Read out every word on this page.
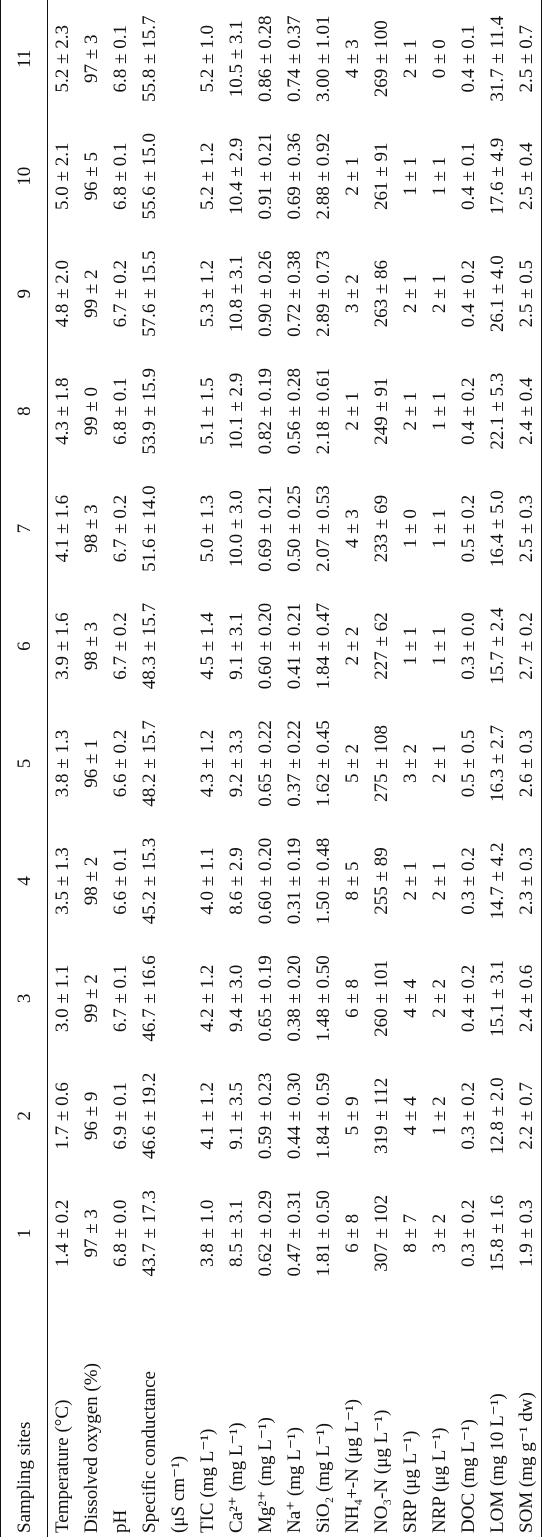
Sampling sites	1	2	3	4	5	6	7	8	9	10	11
Temperature (°C)	1.4 ± 0.2	1.7 ± 0.6	3.0 ± 1.1	3.5 ± 1.3	3.8 ± 1.3	3.9 ± 1.6	4.1 ± 1.6	4.3 ± 1.8	4.8 ± 2.0	5.0 ± 2.1	5.2 ± 2.3
Dissolved oxygen (%)	97 ± 3	96 ± 9	99 ± 2	98 ± 2	96 ± 1	98 ± 3	98 ± 3	99 ± 0	99 ± 2	96 ± 5	97 ± 3
pH	6.8 ± 0.0	6.9 ± 0.1	6.7 ± 0.1	6.6 ± 0.1	6.6 ± 0.2	6.7 ± 0.2	6.7 ± 0.2	6.8 ± 0.1	6.7 ± 0.2	6.8 ± 0.1	6.8 ± 0.1
Specific conductance	43.7 ± 17.3	46.6 ± 19.2	46.7 ± 16.6	45.2 ± 15.3	48.2 ± 15.7	48.3 ± 15.7	51.6 ± 14.0	53.9 ± 15.9	57.6 ± 15.5	55.6 ± 15.0	55.8 ± 15.7
(μS cm⁻¹)											
TIC (mg L⁻¹)	3.8 ± 1.0	4.1 ± 1.2	4.2 ± 1.2	4.0 ± 1.1	4.3 ± 1.2	4.5 ± 1.4	5.0 ± 1.3	5.1 ± 1.5	5.3 ± 1.2	5.2 ± 1.2	5.2 ± 1.0
Ca²⁺ (mg L⁻¹)	8.5 ± 3.1	9.1 ± 3.5	9.4 ± 3.0	8.6 ± 2.9	9.2 ± 3.3	9.1 ± 3.1	10.0 ± 3.0	10.1 ± 2.9	10.8 ± 3.1	10.4 ± 2.9	10.5 ± 3.1
Mg²⁺ (mg L⁻¹)	0.62 ± 0.29	0.59 ± 0.23	0.65 ± 0.19	0.60 ± 0.20	0.65 ± 0.22	0.60 ± 0.20	0.69 ± 0.21	0.82 ± 0.19	0.90 ± 0.26	0.91 ± 0.21	0.86 ± 0.28
Na⁺ (mg L⁻¹)	0.47 ± 0.31	0.44 ± 0.30	0.38 ± 0.20	0.31 ± 0.19	0.37 ± 0.22	0.41 ± 0.21	0.50 ± 0.25	0.56 ± 0.28	0.72 ± 0.38	0.69 ± 0.36	0.74 ± 0.37
SiO₂ (mg L⁻¹)	1.81 ± 0.50	1.84 ± 0.59	1.48 ± 0.50	1.50 ± 0.48	1.62 ± 0.45	1.84 ± 0.47	2.07 ± 0.53	2.18 ± 0.61	2.89 ± 0.73	2.88 ± 0.92	3.00 ± 1.01
NH₄+-N (μg L⁻¹)	6 ± 8	5 ± 9	6 ± 8	8 ± 5	5 ± 2	2 ± 2	4 ± 3	2 ± 1	3 ± 2	2 ± 1	4 ± 3
NO₃-N (μg L⁻¹)	307 ± 102	319 ± 112	260 ± 101	255 ± 89	275 ± 108	227 ± 62	233 ± 69	249 ± 91	263 ± 86	261 ± 91	269 ± 100
SRP (μg L⁻¹)	8 ± 7	4 ± 4	4 ± 4	2 ± 1	3 ± 2	1 ± 1	1 ± 0	2 ± 1	2 ± 1	1 ± 1	2 ± 1
NRP (μg L⁻¹)	3 ± 2	1 ± 2	2 ± 2	2 ± 1	2 ± 1	1 ± 1	1 ± 1	1 ± 1	2 ± 1	1 ± 1	0 ± 0
DOC (mg L⁻¹)	0.3 ± 0.2	0.3 ± 0.2	0.4 ± 0.2	0.3 ± 0.2	0.5 ± 0.5	0.3 ± 0.0	0.5 ± 0.2	0.4 ± 0.2	0.4 ± 0.2	0.4 ± 0.1	0.4 ± 0.1
LOM (mg 10 L⁻¹)	15.8 ± 1.6	12.8 ± 2.0	15.1 ± 3.1	14.7 ± 4.2	16.3 ± 2.7	15.7 ± 2.4	16.4 ± 5.0	22.1 ± 5.3	26.1 ± 4.0	17.6 ± 4.9	31.7 ± 11.4
SOM (mg g⁻¹ dw)	1.9 ± 0.3	2.2 ± 0.7	2.4 ± 0.6	2.3 ± 0.3	2.6 ± 0.3	2.7 ± 0.2	2.5 ± 0.3	2.4 ± 0.4	2.5 ± 0.5	2.5 ± 0.4	2.5 ± 0.7
